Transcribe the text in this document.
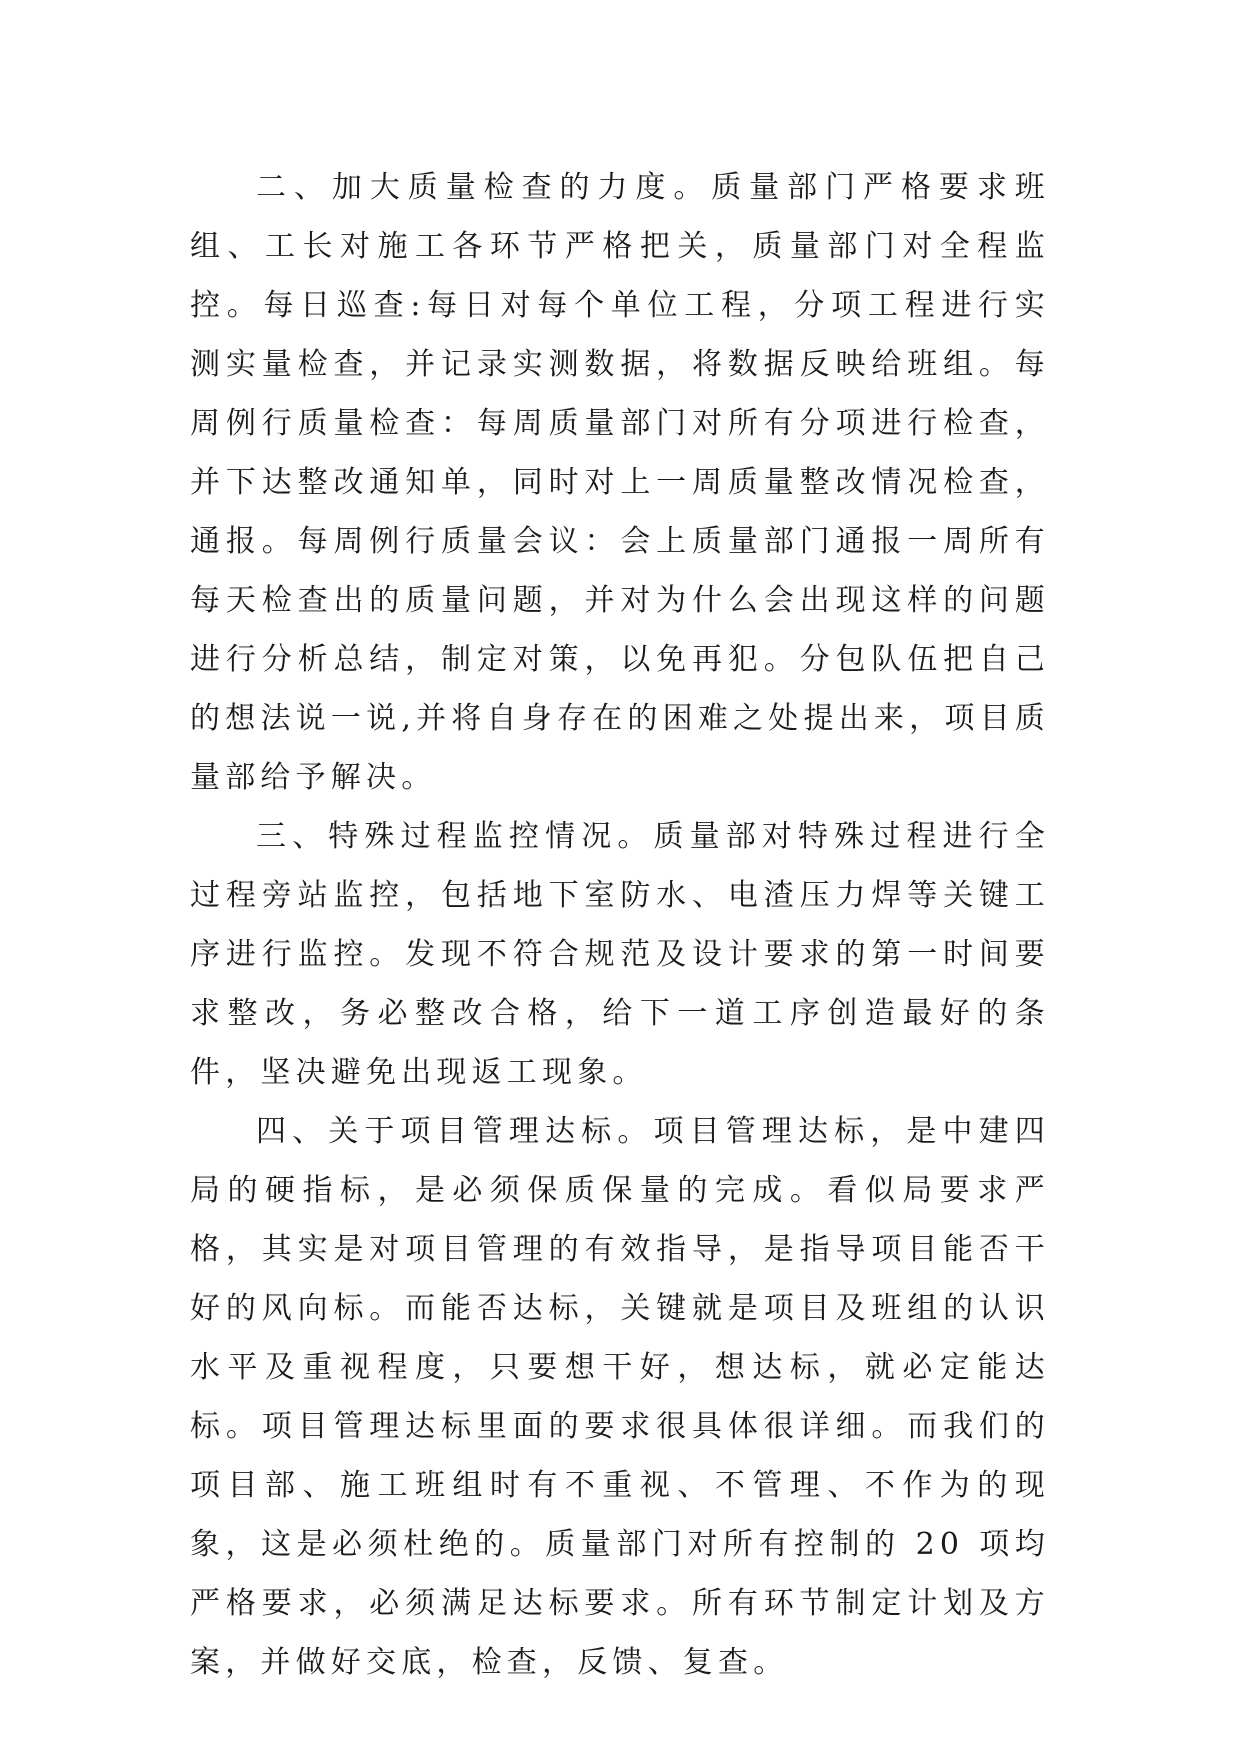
二、加大质量检查的力度。质量部门严格要求班组、工长对施工各环节严格把关，质量部门对全程监控。每日巡查:每日对每个单位工程，分项工程进行实测实量检查，并记录实测数据，将数据反映给班组。每周例行质量检查：每周质量部门对所有分项进行检查，并下达整改通知单，同时对上一周质量整改情况检查，通报。每周例行质量会议：会上质量部门通报一周所有每天检查出的质量问题，并对为什么会出现这样的问题进行分析总结，制定对策，以免再犯。分包队伍把自己的想法说一说,并将自身存在的困难之处提出来，项目质量部给予解决。

三、特殊过程监控情况。质量部对特殊过程进行全过程旁站监控，包括地下室防水、电渣压力焊等关键工序进行监控。发现不符合规范及设计要求的第一时间要求整改，务必整改合格，给下一道工序创造最好的条件，坚决避免出现返工现象。

四、关于项目管理达标。项目管理达标，是中建四局的硬指标，是必须保质保量的完成。看似局要求严格，其实是对项目管理的有效指导，是指导项目能否干好的风向标。而能否达标，关键就是项目及班组的认识水平及重视程度，只要想干好，想达标，就必定能达标。项目管理达标里面的要求很具体很详细。而我们的项目部、施工班组时有不重视、不管理、不作为的现象，这是必须杜绝的。质量部门对所有控制的 20 项均严格要求，必须满足达标要求。所有环节制定计划及方案，并做好交底，检查，反馈、复查。
